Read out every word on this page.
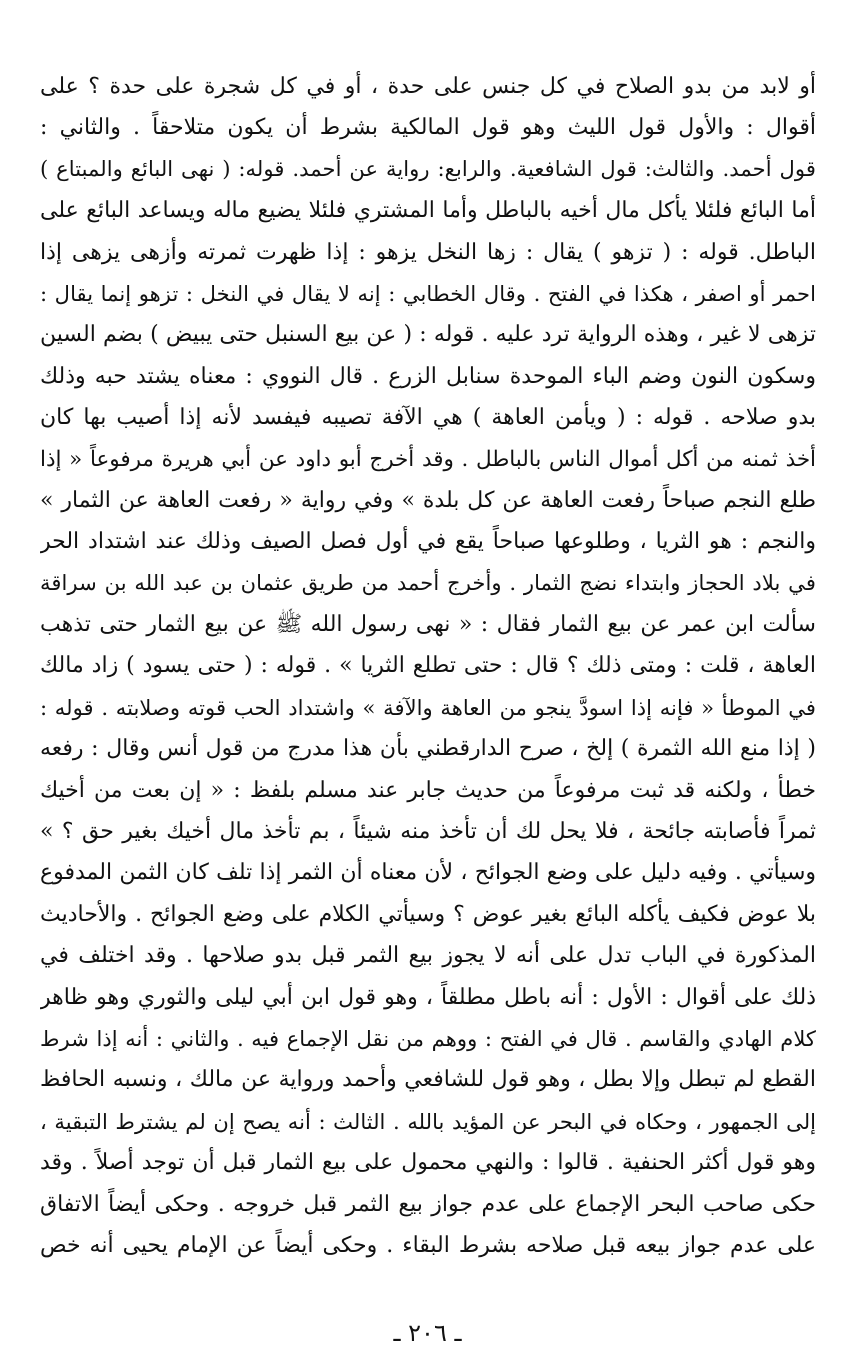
أو لابد من بدو الصلاح في كل جنس على حدة ، أو في كل شجرة على حدة ؟ على
أقوال : والأول قول الليث وهو قول المالكية بشرط أن يكون متلاحقاً . والثاني :
قول أحمد. والثالث: قول الشافعية. والرابع: رواية عن أحمد. قوله: ( نهى البائع والمبتاع )
أما البائع فلئلا يأكل مال أخيه بالباطل وأما المشتري فلئلا يضيع ماله ويساعد البائع على
الباطل. قوله : ( تزهو ) يقال : زها النخل يزهو : إذا ظهرت ثمرته وأزهى يزهى إذا
احمر أو اصفر ، هكذا في الفتح . وقال الخطابي : إنه لا يقال في النخل : تزهو إنما يقال :
تزهى لا غير ، وهذه الرواية ترد عليه . قوله : ( عن بيع السنبل حتى يبيض ) بضم السين
وسكون النون وضم الباء الموحدة سنابل الزرع . قال النووي : معناه يشتد حبه وذلك
بدو صلاحه . قوله : ( ويأمن العاهة ) هي الآفة تصيبه فيفسد لأنه إذا أصيب بها كان
أخذ ثمنه من أكل أموال الناس بالباطل . وقد أخرج أبو داود عن أبي هريرة مرفوعاً « إذا
طلع النجم صباحاً رفعت العاهة عن كل بلدة » وفي رواية « رفعت العاهة عن الثمار »
والنجم : هو الثريا ، وطلوعها صباحاً يقع في أول فصل الصيف وذلك عند اشتداد الحر
في بلاد الحجاز وابتداء نضج الثمار . وأخرج أحمد من طريق عثمان بن عبد الله بن سراقة
سألت ابن عمر عن بيع الثمار فقال : « نهى رسول الله ﷺ عن بيع الثمار حتى تذهب
العاهة ، قلت : ومتى ذلك ؟ قال : حتى تطلع الثريا » . قوله : ( حتى يسود ) زاد مالك
في الموطأ « فإنه إذا اسودَّ ينجو من العاهة والآفة » واشتداد الحب قوته وصلابته . قوله :
( إذا منع الله الثمرة ) إلخ ، صرح الدارقطني بأن هذا مدرج من قول أنس وقال : رفعه
خطأ ، ولكنه قد ثبت مرفوعاً من حديث جابر عند مسلم بلفظ : « إن بعت من أخيك
ثمراً فأصابته جائحة ، فلا يحل لك أن تأخذ منه شيئاً ، بم تأخذ مال أخيك بغير حق ؟ »
وسيأتي . وفيه دليل على وضع الجوائح ، لأن معناه أن الثمر إذا تلف كان الثمن المدفوع
بلا عوض فكيف يأكله البائع بغير عوض ؟ وسيأتي الكلام على وضع الجوائح . والأحاديث
المذكورة في الباب تدل على أنه لا يجوز بيع الثمر قبل بدو صلاحها . وقد اختلف في
ذلك على أقوال : الأول : أنه باطل مطلقاً ، وهو قول ابن أبي ليلى والثوري وهو ظاهر
كلام الهادي والقاسم . قال في الفتح : ووهم من نقل الإجماع فيه . والثاني : أنه إذا شرط
القطع لم تبطل وإلا بطل ، وهو قول للشافعي وأحمد ورواية عن مالك ، ونسبه الحافظ
إلى الجمهور ، وحكاه في البحر عن المؤيد بالله . الثالث : أنه يصح إن لم يشترط التبقية ،
وهو قول أكثر الحنفية . قالوا : والنهي محمول على بيع الثمار قبل أن توجد أصلاً . وقد
حكى صاحب البحر الإجماع على عدم جواز بيع الثمر قبل خروجه . وحكى أيضاً الاتفاق
على عدم جواز بيعه قبل صلاحه بشرط البقاء . وحكى أيضاً عن الإمام يحيى أنه خص
ـ ٢٠٦ ـ
